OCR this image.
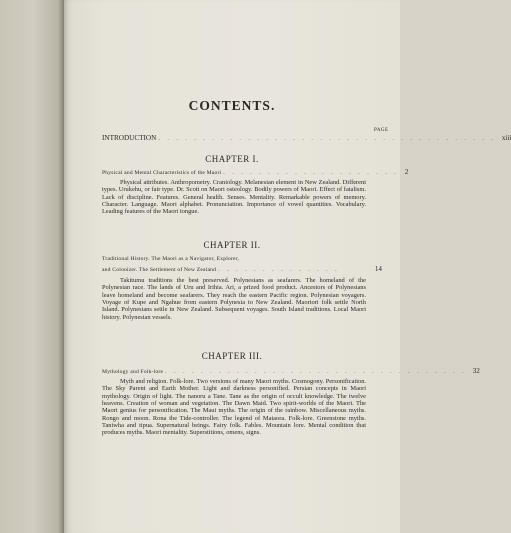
CONTENTS.
PAGE
INTRODUCTION . . . . . . . . . . . . . . . . . . . . . . . . . . . . . . . . . . . . . . xiii
CHAPTER I.
Physical and Mental Characteristics of the Maori . . . . . . . . . . . . . . . . . . . . 2

Physical attributes. Anthropometry. Craniology. Melanesian element in New Zealand. Different types. Urukehu, or fair type. Dr. Scott on Maori osteology. Bodily powers of Maori. Effect of fatalism. Lack of discipline. Features. General health. Senses. Mentality. Remarkable powers of memory. Character. Language. Maori alphabet. Pronunciation. Importance of vowel quantities. Vocabulary. Leading features of the Maori tongue.

CHAPTER II.
Traditional History. The Maori as a Navigator, Explorer,
and Colonizer. The Settlement of New Zealand . . . . . . . . . . . . . .	14

Takitumu traditions the best preserved. Polynesians as seafarers. The homeland of the Polynesian race. The lands of Uru and Irihia. Ari, a prized food product. Ancestors of Polynesians leave homeland and become seafarers. They reach the eastern Pacific region. Polynesian voyagers. Voyage of Kupe and Ngahue from eastern Polynesia to New Zealand. Maoriori folk settle North Island. Polynesians settle in New Zealand. Subsequent voyages. South Island traditions. Local Maori history. Polynesian vessels.

CHAPTER III.
Mythology and Folk-lore . . . . . . . . . . . . . . . . . . . . . . . . . . . . . . . . . . 32

Myth and religion. Folk-lore. Two versions of many Maori myths. Cosmogony. Personification. The Sky Parent and Earth Mother. Light and darkness personified. Persian concepts in Maori mythology. Origin of light. The nanoru a Tane. Tane as the origin of occult knowledge. The twelve heavens. Creation of woman and vegetation. The Dawn Maid. Two spirit-worlds of the Maori. The Maori genius for personification. The Maui myths. The origin of the rainbow. Miscellaneous myths. Rongo and moon. Rona the Tide-controller. The legend of Mataora. Folk-lore. Greenstone myths. Taniwha and tipua. Supernatural beings. Fairy folk. Fables. Mountain lore. Mental condition that produces myths. Maori mentality. Superstitions, omens, signs.
